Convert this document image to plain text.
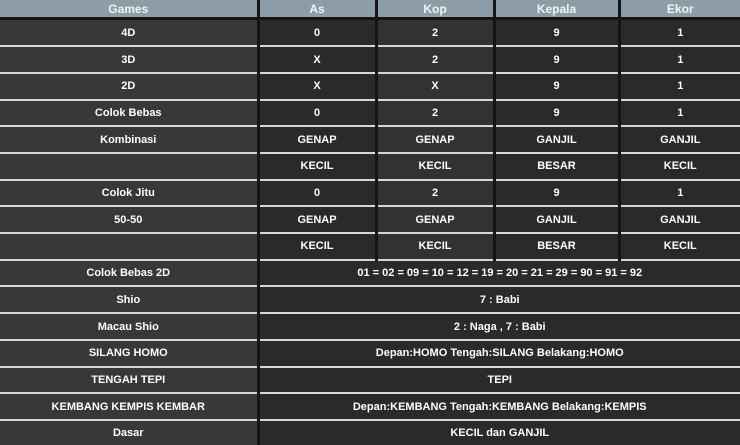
Games	As	Kop	Kepala	Ekor
4D	0	2	9	1
3D	X	2	9	1
2D	X	X	9	1
Colok Bebas	0	2	9	1
Kombinasi	GENAP	GENAP	GANJIL	GANJIL
	KECIL	KECIL	BESAR	KECIL
Colok Jitu	0	2	9	1
50-50	GENAP	GENAP	GANJIL	GANJIL
	KECIL	KECIL	BESAR	KECIL
Colok Bebas 2D	01 = 02 = 09 = 10 = 12 = 19 = 20 = 21 = 29 = 90 = 91 = 92			
Shio	7 : Babi			
Macau Shio	2 : Naga , 7 : Babi			
SILANG HOMO	Depan:HOMO Tengah:SILANG Belakang:HOMO			
TENGAH TEPI	TEPI			
KEMBANG KEMPIS KEMBAR	Depan:KEMBANG Tengah:KEMBANG Belakang:KEMPIS			
Dasar	KECIL dan GANJIL			
